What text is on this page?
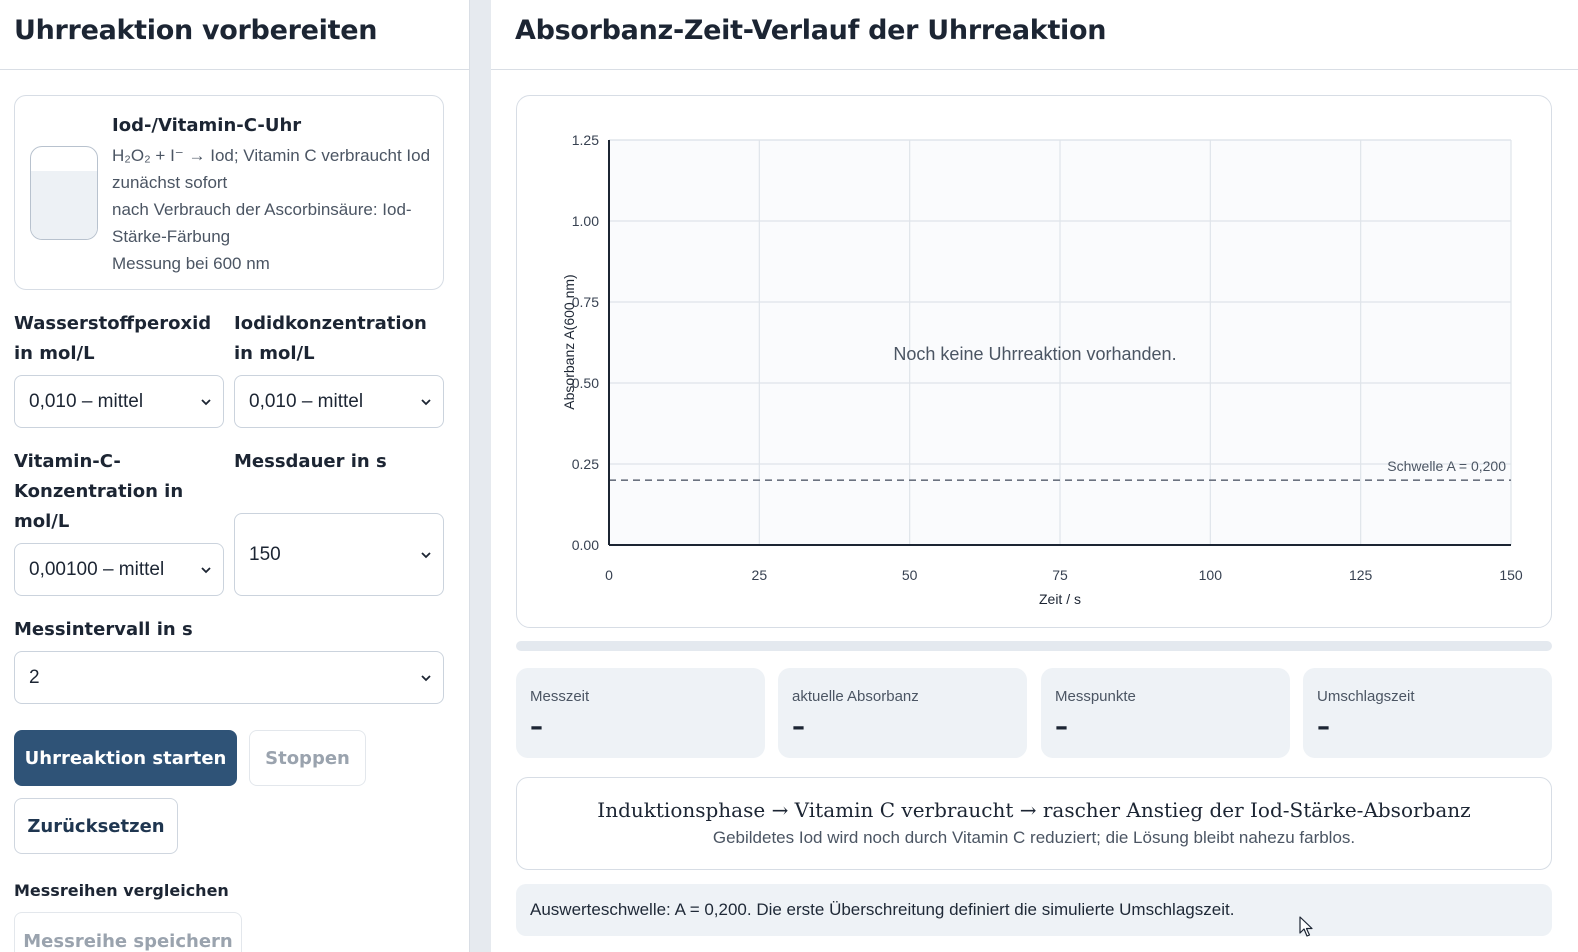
Uhrreaktion vorbereiten
Iod-/Vitamin-C-Uhr
H₂O₂ + I⁻ → Iod; Vitamin C verbraucht Iod zunächst sofort
nach Verbrauch der Ascorbinsäure: Iod-Stärke-Färbung
Messung bei 600 nm
Wasserstoffperoxid in mol/L
0,010 – mittel
Iodidkonzentration in mol/L
0,010 – mittel
Vitamin-C-Konzentration in mol/L
0,00100 – mittel
Messdauer in s
150
Messintervall in s
2
Uhrreaktion starten	Stoppen
Zurücksetzen
Messreihen vergleichen
Messreihe speichern
Absorbanz-Zeit-Verlauf der Uhrreaktion
0.00
0.25
0.50
0.75
1.00
1.25
0	25	50	75	100	125	150
Schwelle A = 0,200
Noch keine Uhrreaktion vorhanden.
Zeit / s
Absorbanz A(600 nm)
Messzeit
–
aktuelle Absorbanz
–
Messpunkte
–
Umschlagszeit
–
Induktionsphase → Vitamin C verbraucht → rascher Anstieg der Iod-Stärke-Absorbanz
Gebildetes Iod wird noch durch Vitamin C reduziert; die Lösung bleibt nahezu farblos.
Auswerteschwelle: A = 0,200. Die erste Überschreitung definiert die simulierte Umschlagszeit.
